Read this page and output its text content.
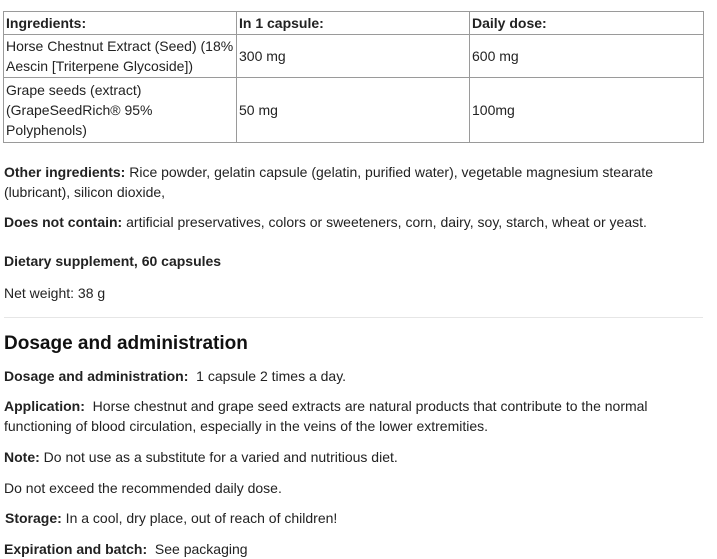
Ingredients:	In 1 capsule:	Daily dose:
Horse Chestnut Extract (Seed) (18% Aescin [Triterpene Glycoside])	300 mg	600 mg
Grape seeds (extract) (GrapeSeedRich® 95% Polyphenols)	50 mg	100mg

Other ingredients: Rice powder, gelatin capsule (gelatin, purified water), vegetable magnesium stearate (lubricant), silicon dioxide,

Does not contain: artificial preservatives, colors or sweeteners, corn, dairy, soy, starch, wheat or yeast.

Dietary supplement, 60 capsules

Net weight: 38 g

Dosage and administration

Dosage and administration:  1 capsule 2 times a day.

Application:  Horse chestnut and grape seed extracts are natural products that contribute to the normal functioning of blood circulation, especially in the veins of the lower extremities.

Note: Do not use as a substitute for a varied and nutritious diet.

Do not exceed the recommended daily dose.

Storage: In a cool, dry place, out of reach of children!

Expiration and batch:  See packaging
